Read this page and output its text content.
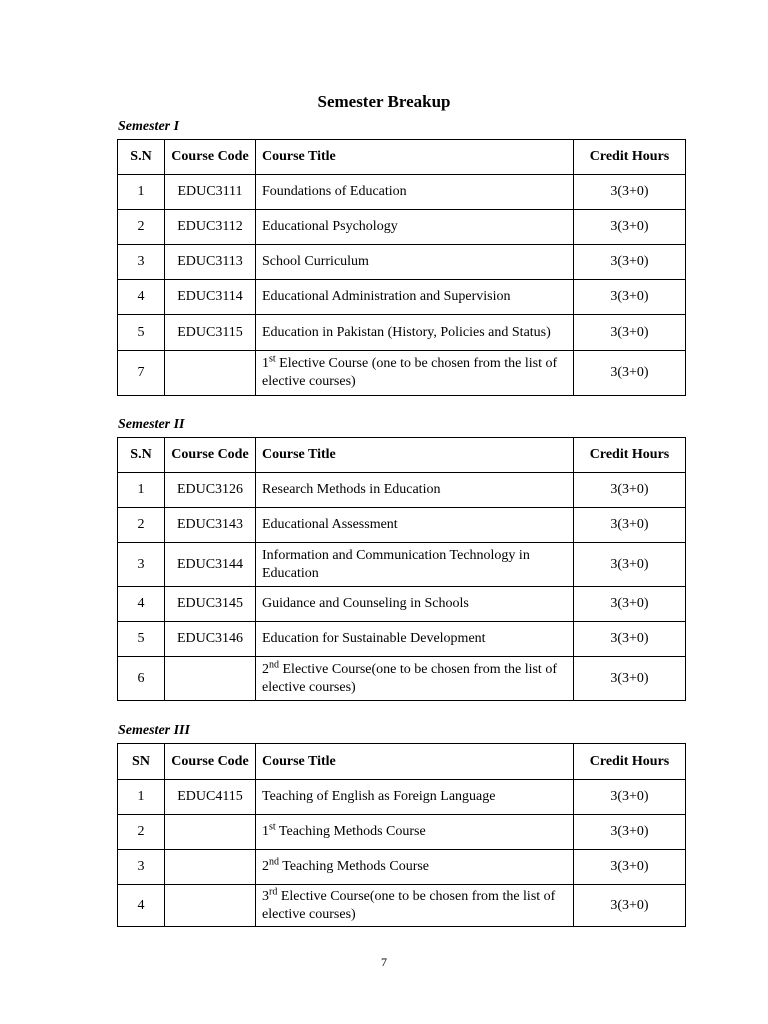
Semester Breakup
Semester I
S.N	Course Code	Course Title	Credit Hours
1	EDUC3111	Foundations of Education	3(3+0)
2	EDUC3112	Educational Psychology	3(3+0)
3	EDUC3113	School Curriculum	3(3+0)
4	EDUC3114	Educational Administration and Supervision	3(3+0)
5	EDUC3115	Education in Pakistan (History, Policies and Status)	3(3+0)
7		1st Elective Course (one to be chosen from the list of elective courses)	3(3+0)
Semester II
S.N	Course Code	Course Title	Credit Hours
1	EDUC3126	Research Methods in Education	3(3+0)
2	EDUC3143	Educational Assessment	3(3+0)
3	EDUC3144	Information and Communication Technology in Education	3(3+0)
4	EDUC3145	Guidance and Counseling in Schools	3(3+0)
5	EDUC3146	Education for Sustainable Development	3(3+0)
6		2nd Elective Course(one to be chosen from the list of elective courses)	3(3+0)
Semester III
SN	Course Code	Course Title	Credit Hours
1	EDUC4115	Teaching of English as Foreign Language	3(3+0)
2		1st Teaching Methods Course	3(3+0)
3		2nd Teaching Methods Course	3(3+0)
4		3rd Elective Course(one to be chosen from the list of elective courses)	3(3+0)
7
